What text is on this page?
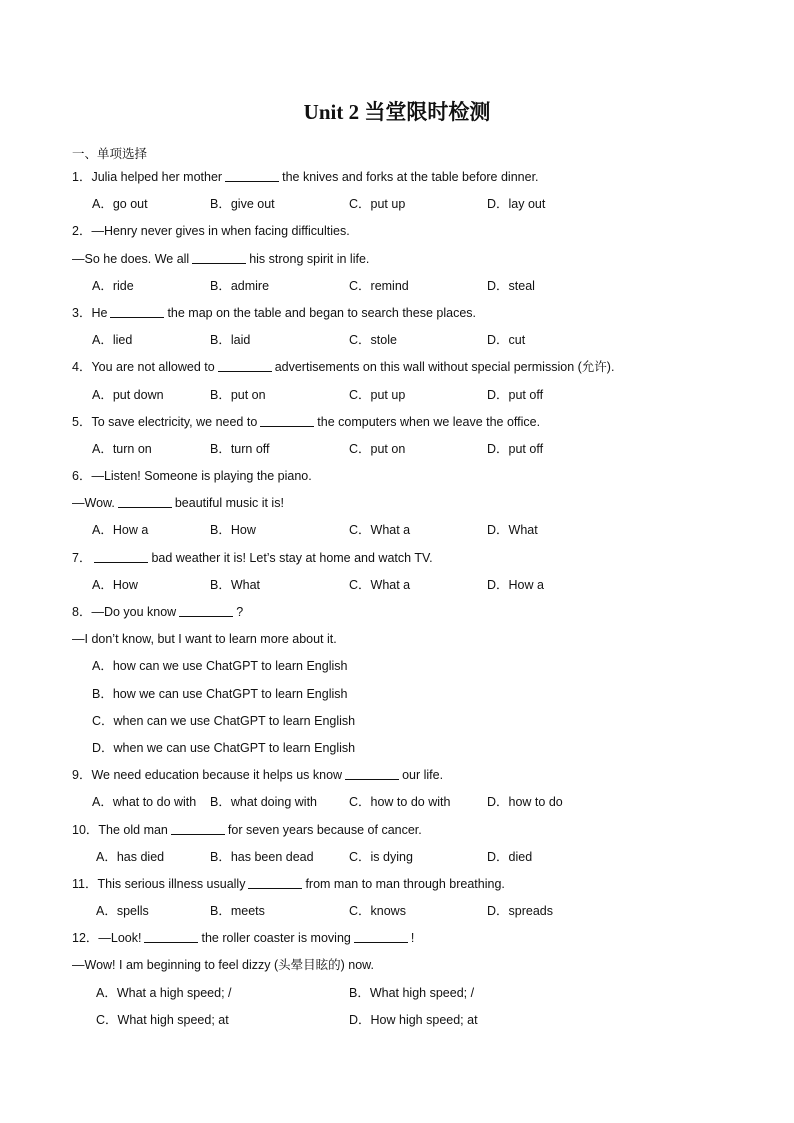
Unit 2 当堂限时检测
一、单项选择
1．Julia helped her mother	the knives and forks at the table before dinner.
A．go out	B．give out	C．put up	D．lay out
2．—Henry never gives in when facing difficulties.
—So he does. We all	his strong spirit in life.
A．ride	B．admire	C．remind	D．steal
3．He	the map on the table and began to search these places.
A．lied	B．laid	C．stole	D．cut
4．You are not allowed to	advertisements on this wall without special permission (允许).
A．put down	B．put on	C．put up	D．put off
5．To save electricity, we need to	the computers when we leave the office.
A．turn on	B．turn off	C．put on	D．put off
6．—Listen! Someone is playing the piano.
—Wow.	beautiful music it is!
A．How a	B．How	C．What a	D．What
7．	bad weather it is! Let’s stay at home and watch TV.
A．How	B．What	C．What a	D．How a
8．—Do you know	?
—I don’t know, but I want to learn more about it.
A．how can we use ChatGPT to learn English
B．how we can use ChatGPT to learn English
C．when can we use ChatGPT to learn English
D．when we can use ChatGPT to learn English
9．We need education because it helps us know	our life.
A．what to do with B．what doing with	C．how to do with	D．how to do
10．The old man	for seven years because of cancer.
A．has died	B．has been dead	C．is dying	D．died
11．This serious illness usually	from man to man through breathing.
A．spells	B．meets	C．knows	D．spreads
12．—Look!	the roller coaster is moving	!
—Wow! I am beginning to feel dizzy (头晕目眩的) now.
A．What a high speed; /	B．What high speed; /
C．What high speed; at	D．How high speed; at
